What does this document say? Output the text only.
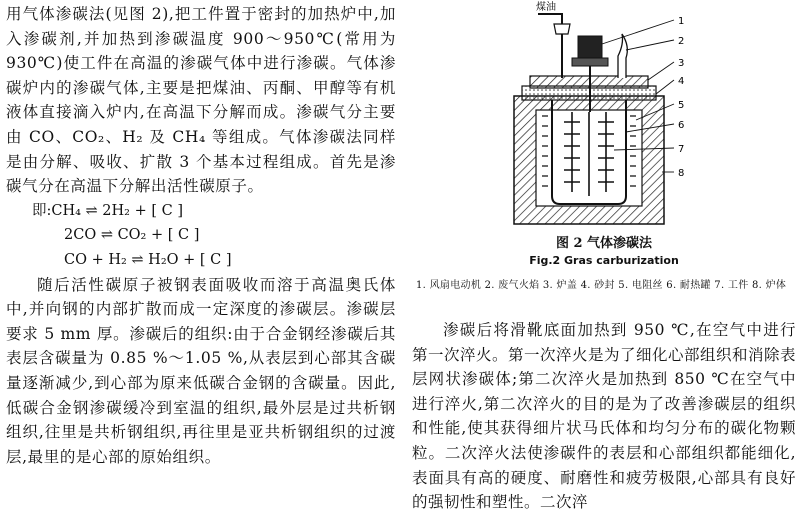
用气体渗碳法(见图 2),把工件置于密封的加热炉中,加入渗碳剂,并加热到渗碳温度 900～950℃(常用为 930℃)使工件在高温的渗碳气体中进行渗碳。气体渗碳炉内的渗碳气体,主要是把煤油、丙酮、甲醇等有机液体直接滴入炉内,在高温下分解而成。渗碳气分主要由 CO、CO₂、H₂ 及 CH₄ 等组成。气体渗碳法同样是由分解、吸收、扩散 3 个基本过程组成。首先是渗碳气分在高温下分解出活性碳原子。

即:CH₄ ⇌ 2H₂ + [ C ]
2CO ⇌ CO₂ + [ C ]
CO + H₂ ⇌ H₂O + [ C ]

随后活性碳原子被钢表面吸收而溶于高温奥氏体中,并向钢的内部扩散而成一定深度的渗碳层。渗碳层要求 5 mm 厚。渗碳后的组织:由于合金钢经渗碳后其表层含碳量为 0.85 %～1.05 %,从表层到心部其含碳量逐渐减少,到心部为原来低碳合金钢的含碳量。因此,低碳合金钢渗碳缓冷到室温的组织,最外层是过共析钢组织,往里是共析钢组织,再往里是亚共析钢组织的过渡层,最里的是心部的原始组织。

煤油
1
2
3
4
5
6
7
8
图 2 气体渗碳法
Fig.2 Gras carburization
1. 风扇电动机 2. 废气火焰 3. 炉盖 4. 砂封 5. 电阻丝 6. 耐热罐 7. 工件 8. 炉体

渗碳后将滑靴底面加热到 950 ℃,在空气中进行第一次淬火。第一次淬火是为了细化心部组织和消除表层网状渗碳体;第二次淬火是加热到 850 ℃在空气中进行淬火,第二次淬火的目的是为了改善渗碳层的组织和性能,使其获得细片状马氏体和均匀分布的碳化物颗粒。二次淬火法使渗碳件的表层和心部组织都能细化,表面具有高的硬度、耐磨性和疲劳极限,心部具有良好的强韧性和塑性。二次淬
